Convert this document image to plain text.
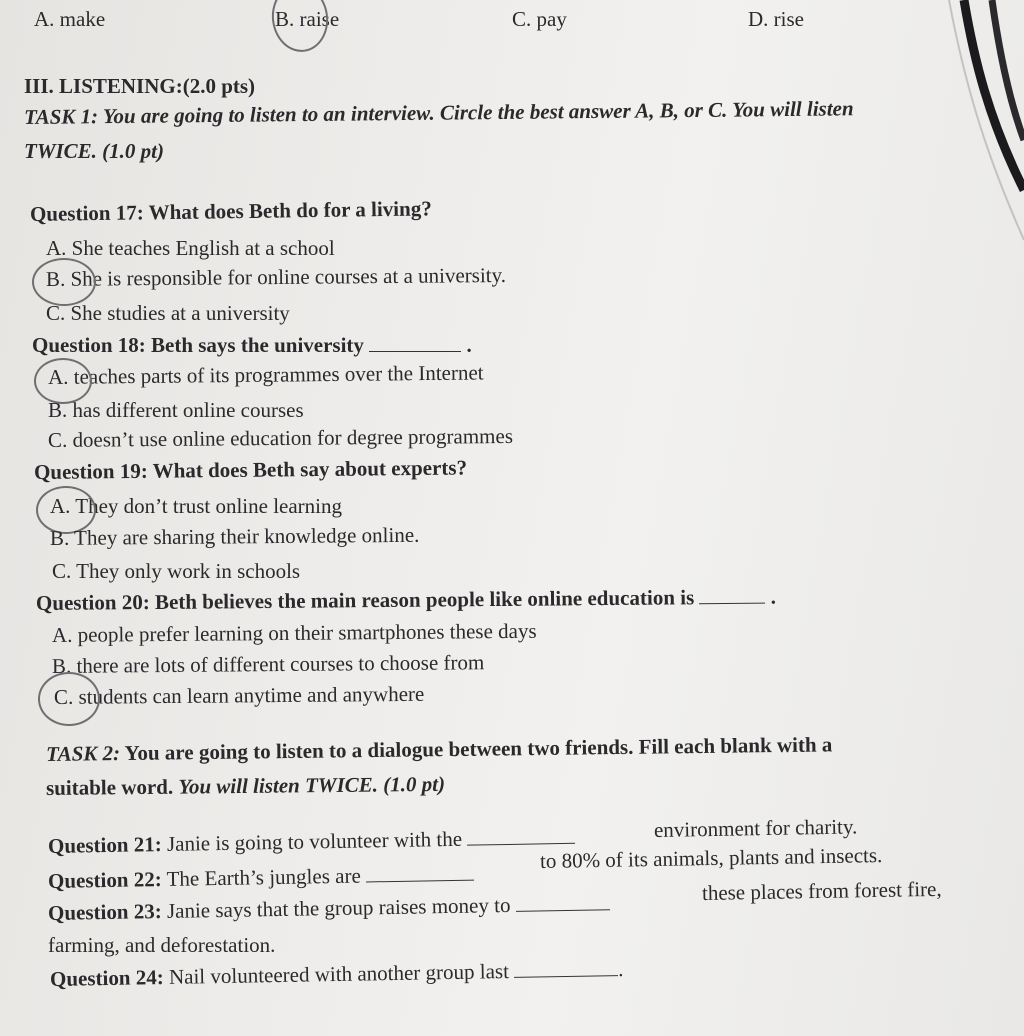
A. make	B. raise	C. pay	D. rise
III. LISTENING:(2.0 pts)
TASK 1: You are going to listen to an interview. Circle the best answer A, B, or C. You will listen
TWICE. (1.0 pt)
Question 17: What does Beth do for a living?
A. She teaches English at a school
B. She is responsible for online courses at a university.
C. She studies at a university
Question 18: Beth says the university	.
A. teaches parts of its programmes over the Internet
B. has different online courses
C. doesn’t use online education for degree programmes
Question 19: What does Beth say about experts?
A. They don’t trust online learning
B. They are sharing their knowledge online.
C. They only work in schools
Question 20: Beth believes the main reason people like online education is	.
A. people prefer learning on their smartphones these days
B. there are lots of different courses to choose from
C. students can learn anytime and anywhere
TASK 2: You are going to listen to a dialogue between two friends. Fill each blank with a
suitable word. You will listen TWICE. (1.0 pt)
Question 21: Janie is going to volunteer with the	environment for charity.
Question 22: The Earth’s jungles are
to 80% of its animals, plants and insects.
Question 23: Janie says that the group raises money to
these places from forest fire,
farming, and deforestation.
Question 24: Nail volunteered with another group last	.
